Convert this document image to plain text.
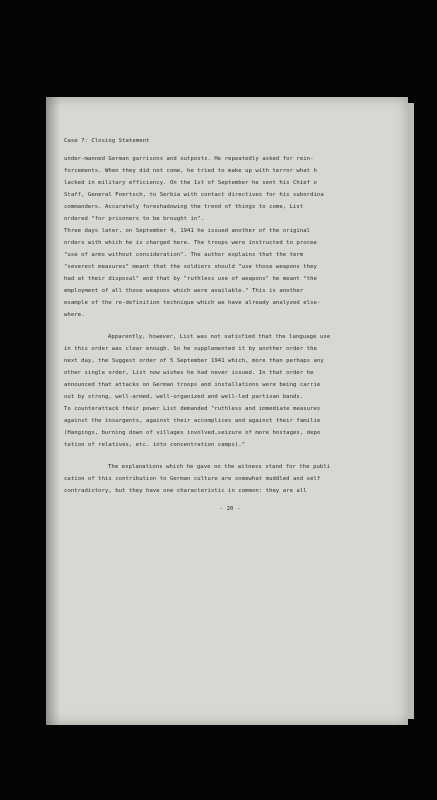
Case 7: Closing Statement
under-manned German garrisons and outposts. He repeatedly asked for rein-
forcements. When they did not come, he tried to make up with terror what h
lacked in military efficiency. On the 1st of September he sent his Chief o
Staff, General Foertsch, to Serbia with contact directives for his subordina
commanders. Accurately foreshadowing the trend of things to come, List
ordered "for prisoners to be brought in".
Three days later, on September 4, 1941 he issued another of the original
orders with which he is charged here. The troops were instructed to procee
"use of arms without consideration". The author explains that the term
"severest measures" meant that the soldiers should "use those weapons they
had at their disposal" and that by "ruthless use of weapons" he meant "the
employment of all those weapons which were available." This is another
example of the re-definition technique which we have already analyzed else-
where.
Apparently, however, List was not satisfied that the language use
in this order was clear enough. So he supplemented it by another order the
next day, the Suggest order of 5 September 1941 which, more than perhaps any
other single order, List now wishes he had never issued. In that order he
announced that attacks on German troops and installations were being carrie
out by strong, well-armed, well-organized and well-led partisan bands.
To counterattack their power List demanded "ruthless and immediate measures
against the insurgents, against their accomplices and against their familie
(Hangings, burning down of villages involved,seizure of more hostages, depo
tation of relatives, etc. into concentration camps)."
The explanations which he gave on the witness stand for the publi
cation of this contribution to German culture are somewhat muddled and self
contradictory, but they have one characteristic in common: they are all
- 20 -
